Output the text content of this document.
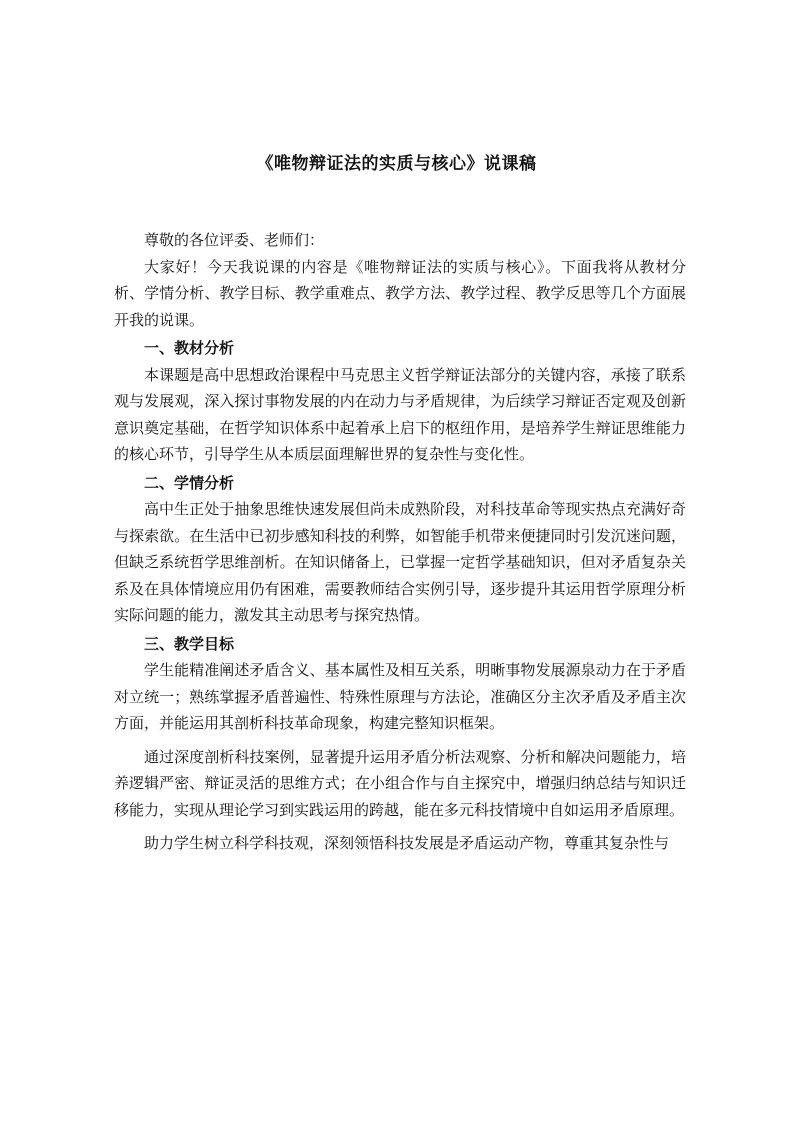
《唯物辩证法的实质与核心》说课稿

尊敬的各位评委、老师们：

大家好！今天我说课的内容是《唯物辩证法的实质与核心》。下面我将从教材分析、学情分析、教学目标、教学重难点、教学方法、教学过程、教学反思等几个方面展开我的说课。

一、教材分析

本课题是高中思想政治课程中马克思主义哲学辩证法部分的关键内容，承接了联系观与发展观，深入探讨事物发展的内在动力与矛盾规律，为后续学习辩证否定观及创新意识奠定基础，在哲学知识体系中起着承上启下的枢纽作用，是培养学生辩证思维能力的核心环节，引导学生从本质层面理解世界的复杂性与变化性。

二、学情分析

高中生正处于抽象思维快速发展但尚未成熟阶段，对科技革命等现实热点充满好奇与探索欲。在生活中已初步感知科技的利弊，如智能手机带来便捷同时引发沉迷问题，但缺乏系统哲学思维剖析。在知识储备上，已掌握一定哲学基础知识，但对矛盾复杂关系及在具体情境应用仍有困难，需要教师结合实例引导，逐步提升其运用哲学原理分析实际问题的能力，激发其主动思考与探究热情。

三、教学目标

学生能精准阐述矛盾含义、基本属性及相互关系，明晰事物发展源泉动力在于矛盾对立统一；熟练掌握矛盾普遍性、特殊性原理与方法论，准确区分主次矛盾及矛盾主次方面，并能运用其剖析科技革命现象，构建完整知识框架。

通过深度剖析科技案例，显著提升运用矛盾分析法观察、分析和解决问题能力，培养逻辑严密、辩证灵活的思维方式；在小组合作与自主探究中，增强归纳总结与知识迁移能力，实现从理论学习到实践运用的跨越，能在多元科技情境中自如运用矛盾原理。

助力学生树立科学科技观，深刻领悟科技发展是矛盾运动产物，尊重其复杂性与
